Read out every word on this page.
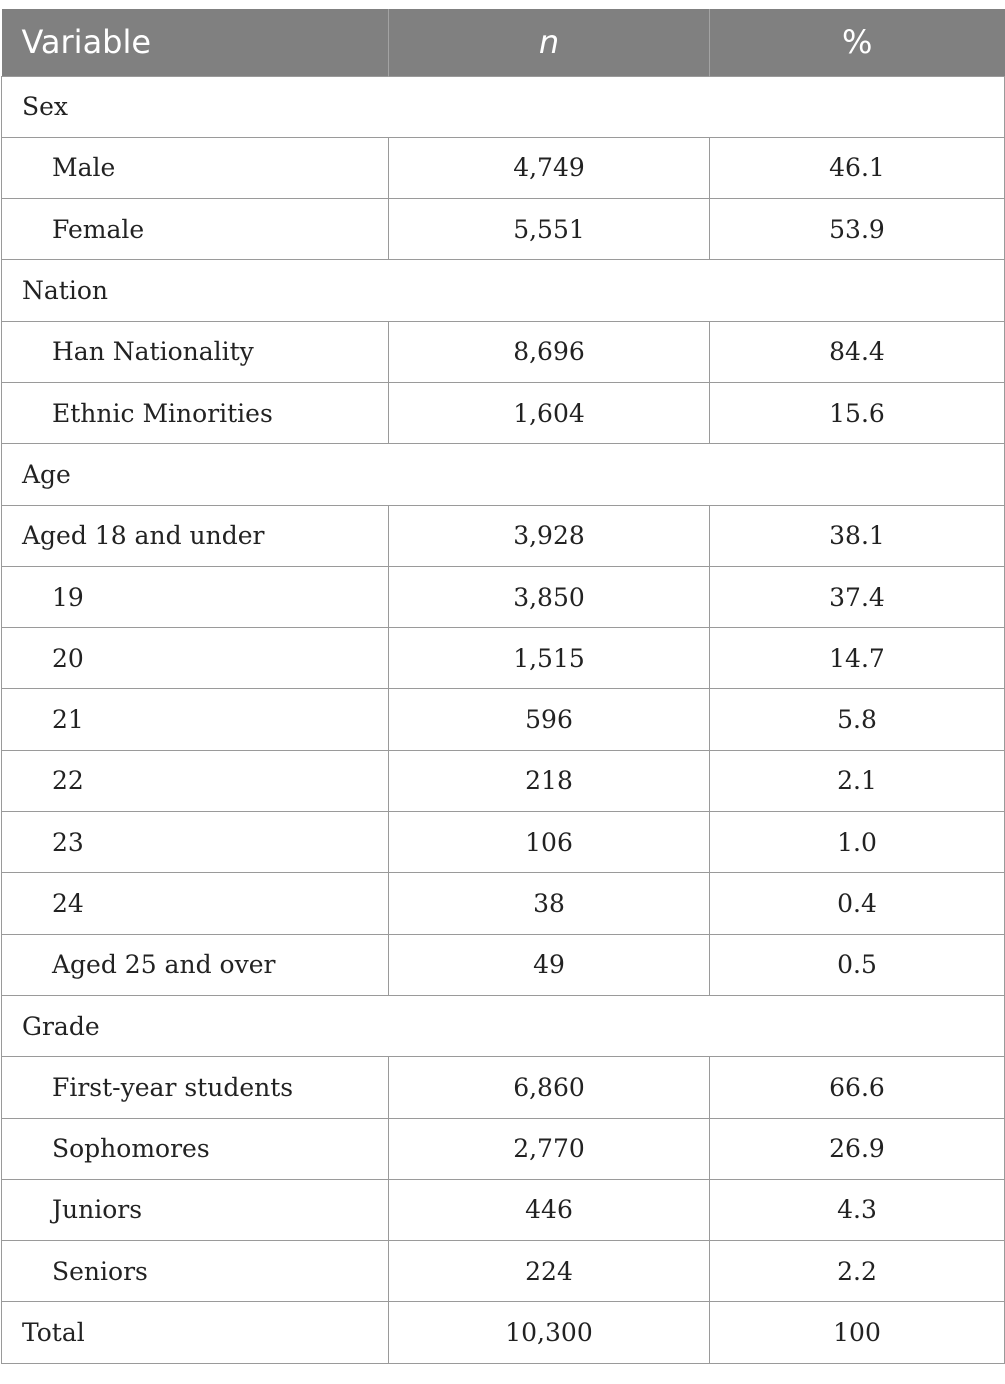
Variable	n	%
Sex		
Male	4,749	46.1
Female	5,551	53.9
Nation		
Han Nationality	8,696	84.4
Ethnic Minorities	1,604	15.6
Age		
Aged 18 and under	3,928	38.1
19	3,850	37.4
20	1,515	14.7
21	596	5.8
22	218	2.1
23	106	1.0
24	38	0.4
Aged 25 and over	49	0.5
Grade		
First-year students	6,860	66.6
Sophomores	2,770	26.9
Juniors	446	4.3
Seniors	224	2.2
Total	10,300	100
